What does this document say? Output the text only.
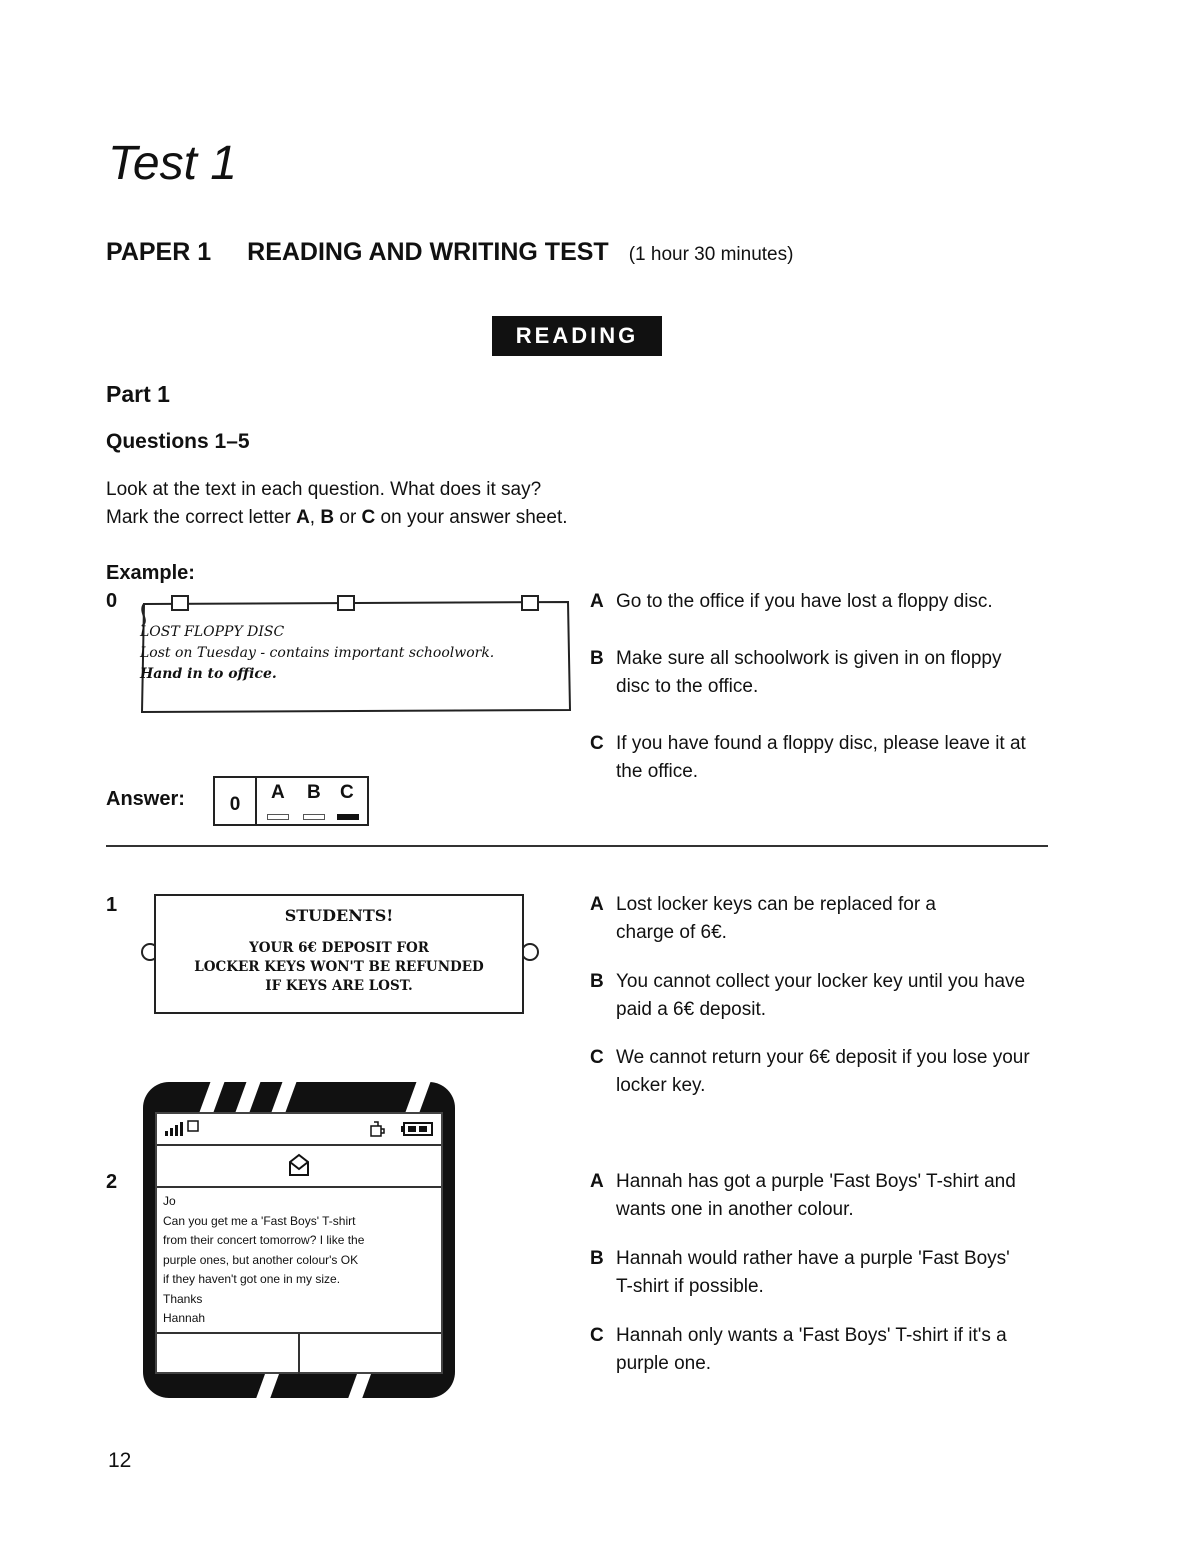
Test 1
PAPER 1 READING AND WRITING TEST (1 hour 30 minutes)
READING
Part 1
Questions 1–5
Look at the text in each question. What does it say?
Mark the correct letter A, B or C on your answer sheet.
Example:
0
LOST FLOPPY DISC
Lost on Tuesday - contains important schoolwork.
Hand in to office.
A Go to the office if you have lost a floppy disc.
B Make sure all schoolwork is given in on floppy disc to the office.
C If you have found a floppy disc, please leave it at the office.
Answer:	0
A B C
1	STUDENTS!
YOUR 6€ DEPOSIT FOR
LOCKER KEYS WON'T BE REFUNDED
IF KEYS ARE LOST.
A Lost locker keys can be replaced for a charge of 6€.
B You cannot collect your locker key until you have paid a 6€ deposit.
C We cannot return your 6€ deposit if you lose your locker key.
2
Jo
Can you get me a 'Fast Boys' T-shirt
from their concert tomorrow? I like the
purple ones, but another colour's OK
if they haven't got one in my size.
Thanks
Hannah
A Hannah has got a purple 'Fast Boys' T-shirt and wants one in another colour.
B Hannah would rather have a purple 'Fast Boys' T-shirt if possible.
C Hannah only wants a 'Fast Boys' T-shirt if it's a purple one.
12
